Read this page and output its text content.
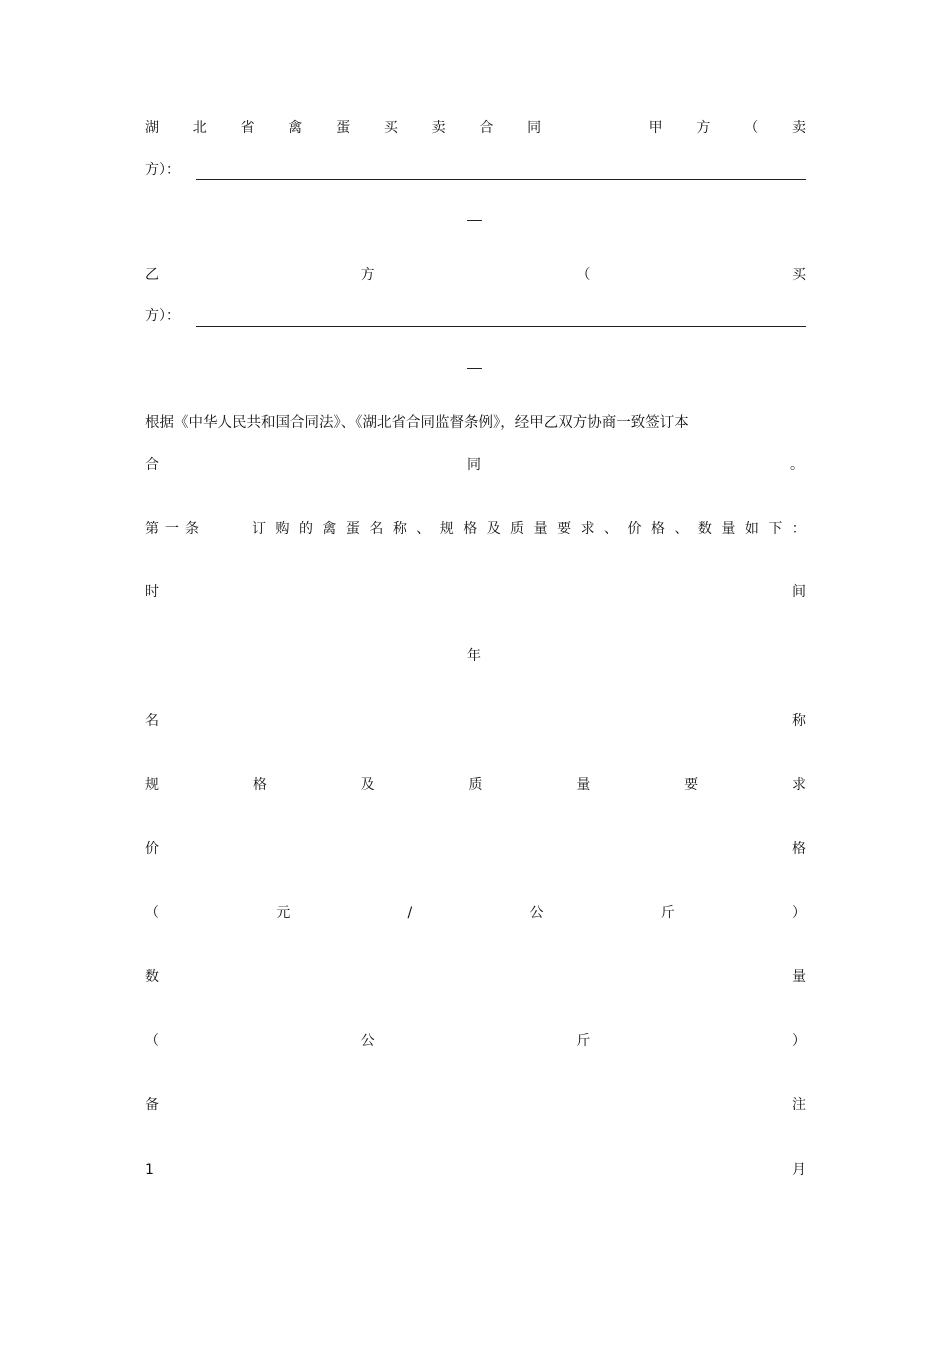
湖 北 省 禽 蛋 买 卖 合 同	甲 方 （ 卖
方）：
乙	方	（	买
方）：
根据《中华人民共和国合同法》、《湖北省合同监督条例》，经甲乙双方协商一致签订本
合	同	。
第一条	订 购 的 禽 蛋 名 称 、 规 格 及 质 量 要 求 、 价 格 、 数 量 如 下 ：
时	间
年
名	称
规	格	及	质	量	要	求
价	格
（	元	/	公	斤	）
数	量
（	公	斤	）
备	注
1	月
